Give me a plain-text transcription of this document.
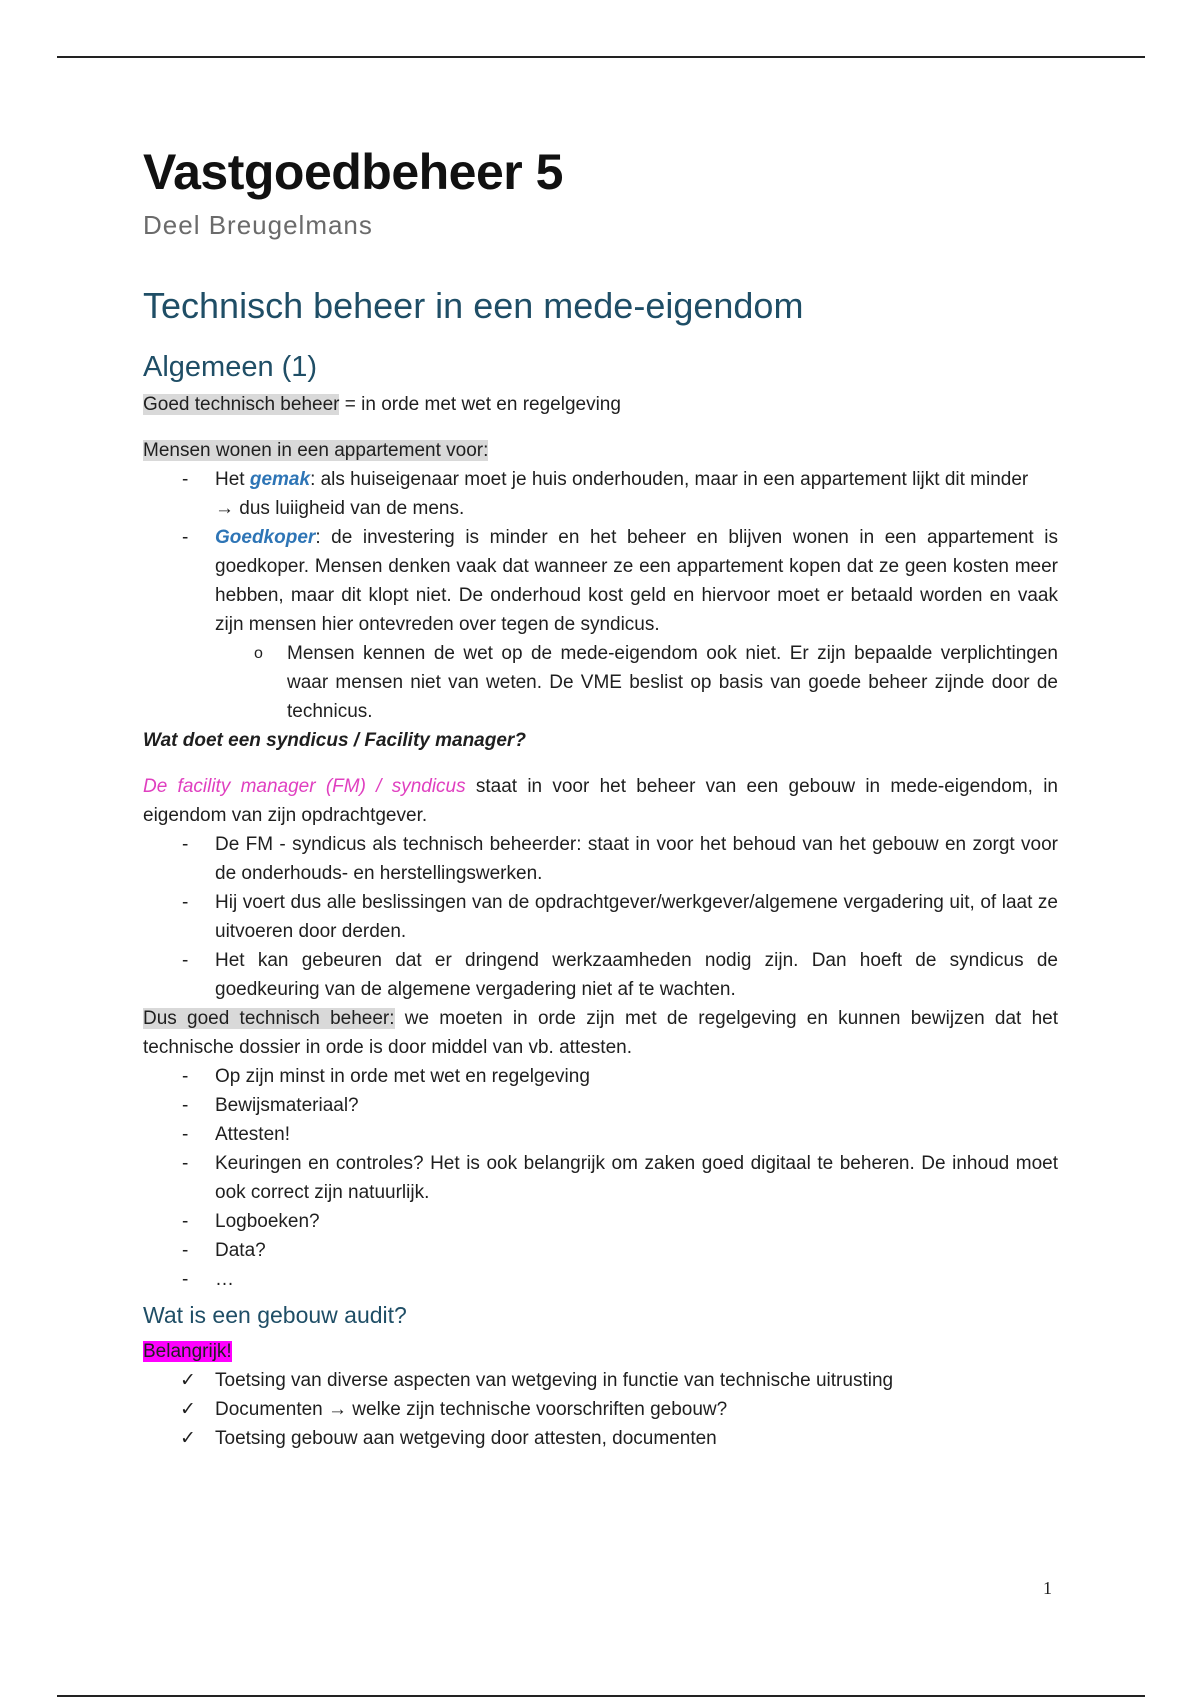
Vastgoedbeheer 5
Deel Breugelmans
Technisch beheer in een mede-eigendom
Algemeen (1)

Goed technisch beheer = in orde met wet en regelgeving

Mensen wonen in een appartement voor:

- Het gemak: als huiseigenaar moet je huis onderhouden, maar in een appartement lijkt dit minder
→ dus luiigheid van de mens.
- Goedkoper: de investering is minder en het beheer en blijven wonen in een appartement is goedkoper. Mensen denken vaak dat wanneer ze een appartement kopen dat ze geen kosten meer hebben, maar dit klopt niet. De onderhoud kost geld en hiervoor moet er betaald worden en vaak zijn mensen hier ontevreden over tegen de syndicus.
o Mensen kennen de wet op de mede-eigendom ook niet. Er zijn bepaalde verplichtingen waar mensen niet van weten. De VME beslist op basis van goede beheer zijnde door de technicus.

Wat doet een syndicus / Facility manager?

De facility manager (FM) / syndicus staat in voor het beheer van een gebouw in mede-eigendom, in eigendom van zijn opdrachtgever.

- De FM - syndicus als technisch beheerder: staat in voor het behoud van het gebouw en zorgt voor de onderhouds- en herstellingswerken.
- Hij voert dus alle beslissingen van de opdrachtgever/werkgever/algemene vergadering uit, of laat ze uitvoeren door derden.
- Het kan gebeuren dat er dringend werkzaamheden nodig zijn. Dan hoeft de syndicus de goedkeuring van de algemene vergadering niet af te wachten.

Dus goed technisch beheer: we moeten in orde zijn met de regelgeving en kunnen bewijzen dat het technische dossier in orde is door middel van vb. attesten.

- Op zijn minst in orde met wet en regelgeving
- Bewijsmateriaal?
- Attesten!
- Keuringen en controles? Het is ook belangrijk om zaken goed digitaal te beheren. De inhoud moet ook correct zijn natuurlijk.
- Logboeken?
- Data?
- …
Wat is een gebouw audit?

Belangrijk!

✓ Toetsing van diverse aspecten van wetgeving in functie van technische uitrusting
✓ Documenten → welke zijn technische voorschriften gebouw?
✓ Toetsing gebouw aan wetgeving door attesten, documenten
1
